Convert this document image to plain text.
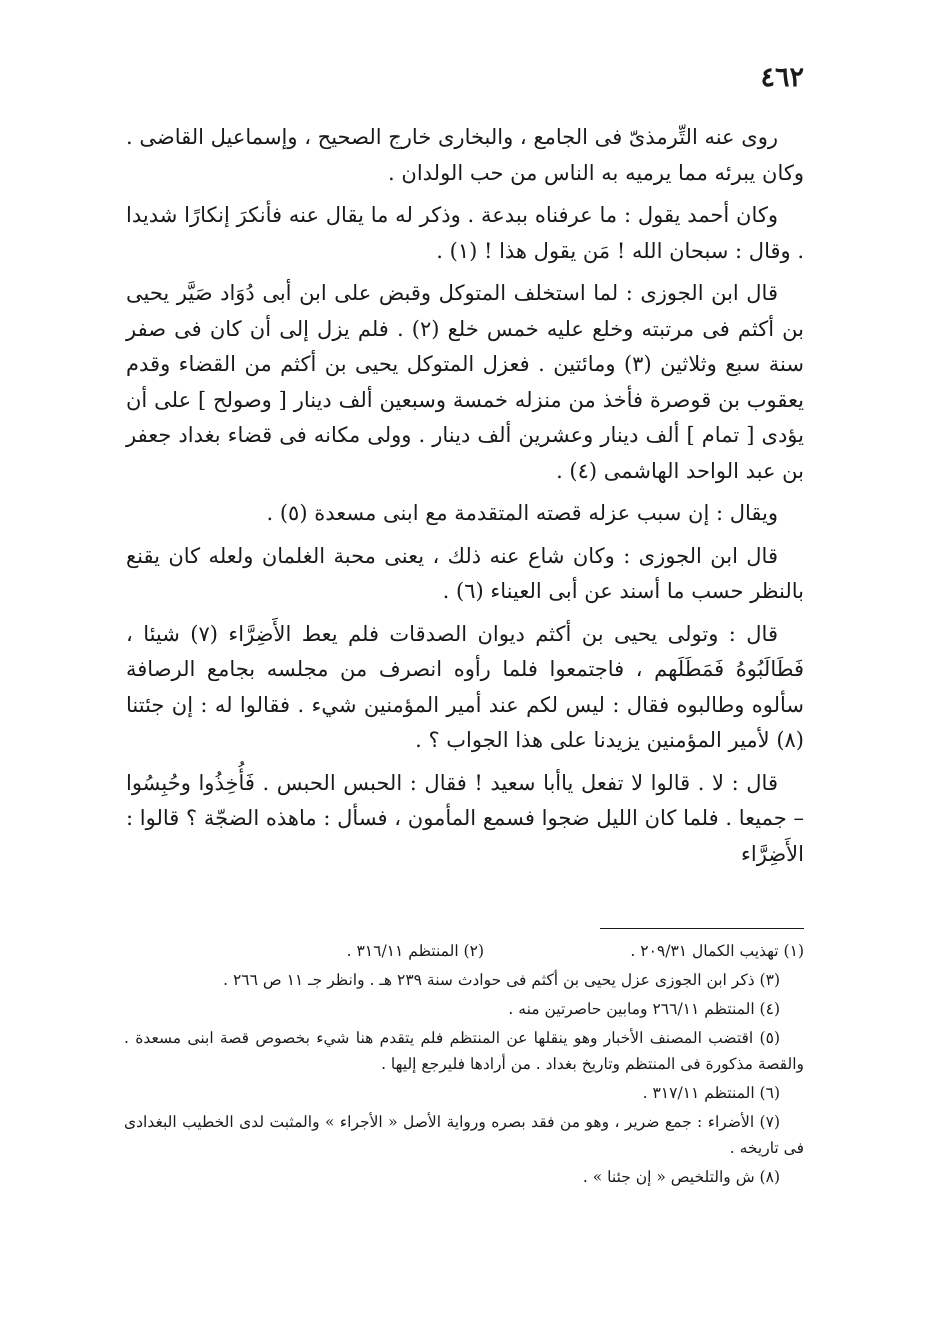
٤٦٢

روى عنه التِّرمذىّ فى الجامع ، والبخارى خارج الصحيح ، وإسماعيل القاضى . وكان يبرئه مما يرميه به الناس من حب الولدان .

وكان أحمد يقول : ما عرفناه ببدعة . وذكر له ما يقال عنه فأنكرَ إنكارًا شديدا . وقال : سبحان الله ! مَن يقول هذا ! (١) .

قال ابن الجوزى : لما استخلف المتوكل وقبض على ابن أبى دُوَاد صَيَّر يحيى بن أكثم فى مرتبته وخلع عليه خمس خلع (٢) . فلم يزل إلى أن كان فى صفر سنة سبع وثلاثين (٣) ومائتين . فعزل المتوكل يحيى بن أكثم من القضاء وقدم يعقوب بن قوصرة فأخذ من منزله خمسة وسبعين ألف دينار [ وصولح ] على أن يؤدى [ تمام ] ألف دينار وعشرين ألف دينار . وولى مكانه فى قضاء بغداد جعفر بن عبد الواحد الهاشمى (٤) .

ويقال : إن سبب عزله قصته المتقدمة مع ابنى مسعدة (٥) .

قال ابن الجوزى : وكان شاع عنه ذلك ، يعنى محبة الغلمان ولعله كان يقنع بالنظر حسب ما أسند عن أبى العيناء (٦) .

قال : وتولى يحيى بن أكثم ديوان الصدقات فلم يعط الأَضِرَّاء (٧) شيئا ، فَطَالَبُوهُ فَمَطَلَهم ، فاجتمعوا فلما رأوه انصرف من مجلسه بجامع الرصافة سألوه وطالبوه فقال : ليس لكم عند أمير المؤمنين شيء . فقالوا له : إن جئتنا (٨) لأمير المؤمنين يزيدنا على هذا الجواب ؟ .

قال : لا . قالوا لا تفعل ياأبا سعيد ! فقال : الحبس الحبس . فَأُخِذُوا وحُبِسُوا – جميعا . فلما كان الليل ضجوا فسمع المأمون ، فسأل : ماهذه الضجّة ؟ قالوا : الأَضِرَّاء

(١) تهذيب الكمال ٢٠٩/٣١ .
(٢) المنتظم ٣١٦/١١ .

(٣) ذكر ابن الجوزى عزل يحيى بن أكثم فى حوادث سنة ٢٣٩ هـ . وانظر جـ ١١ ص ٢٦٦ .

(٤) المنتظم ٢٦٦/١١ ومابين حاصرتين منه .

(٥) اقتضب المصنف الأخبار وهو ينقلها عن المنتظم فلم يتقدم هنا شيء بخصوص قصة ابنى مسعدة . والقصة مذكورة فى المنتظم وتاريخ بغداد . من أرادها فليرجع إليها .

(٦) المنتظم ٣١٧/١١ .

(٧) الأضراء : جمع ضرير ، وهو من فقد بصره ورواية الأصل « الأجراء » والمثبت لدى الخطيب البغدادى فى تاريخه .

(٨) ش والتلخيص « إن جئنا » .
